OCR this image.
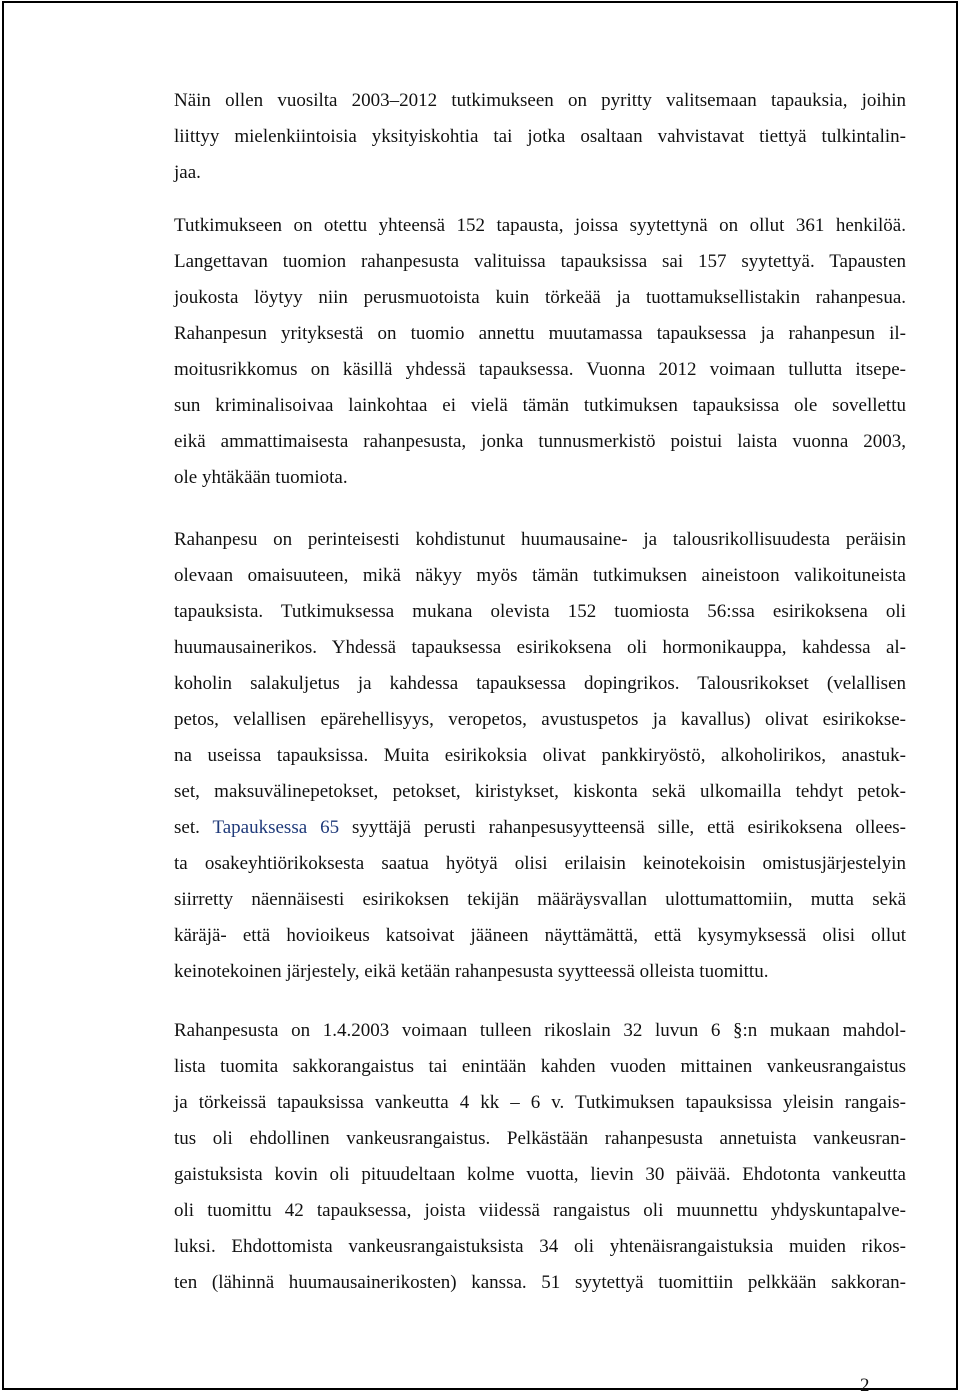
Näin ollen vuosilta 2003–2012 tutkimukseen on pyritty valitsemaan tapauksia, joihin
liittyy mielenkiintoisia yksityiskohtia tai jotka osaltaan vahvistavat tiettyä tulkintalin-
jaa.
Tutkimukseen on otettu yhteensä 152 tapausta, joissa syytettynä on ollut 361 henkilöä.
Langettavan tuomion rahanpesusta valituissa tapauksissa sai 157 syytettyä. Tapausten
joukosta löytyy niin perusmuotoista kuin törkeää ja tuottamuksellistakin rahanpesua.
Rahanpesun yrityksestä on tuomio annettu muutamassa tapauksessa ja rahanpesun il-
moitusrikkomus on käsillä yhdessä tapauksessa. Vuonna 2012 voimaan tullutta itsepe-
sun kriminalisoivaa lainkohtaa ei vielä tämän tutkimuksen tapauksissa ole sovellettu
eikä ammattimaisesta rahanpesusta, jonka tunnusmerkistö poistui laista vuonna 2003,
ole yhtäkään tuomiota.
Rahanpesu on perinteisesti kohdistunut huumausaine- ja talousrikollisuudesta peräisin
olevaan omaisuuteen, mikä näkyy myös tämän tutkimuksen aineistoon valikoituneista
tapauksista. Tutkimuksessa mukana olevista 152 tuomiosta 56:ssa esirikoksena oli
huumausainerikos. Yhdessä tapauksessa esirikoksena oli hormonikauppa, kahdessa al-
koholin salakuljetus ja kahdessa tapauksessa dopingrikos. Talousrikokset (velallisen
petos, velallisen epärehellisyys, veropetos, avustuspetos ja kavallus) olivat esirikokse-
na useissa tapauksissa. Muita esirikoksia olivat pankkiryöstö, alkoholirikos, anastuk-
set, maksuvälinepetokset, petokset, kiristykset, kiskonta sekä ulkomailla tehdyt petok-
set. Tapauksessa 65 syyttäjä perusti rahanpesusyytteensä sille, että esirikoksena ollees-
ta osakeyhtiörikoksesta saatua hyötyä olisi erilaisin keinotekoisin omistusjärjestelyin
siirretty näennäisesti esirikoksen tekijän määräysvallan ulottumattomiin, mutta sekä
käräjä- että hovioikeus katsoivat jääneen näyttämättä, että kysymyksessä olisi ollut
keinotekoinen järjestely, eikä ketään rahanpesusta syytteessä olleista tuomittu.
Rahanpesusta on 1.4.2003 voimaan tulleen rikoslain 32 luvun 6 §:n mukaan mahdol-
lista tuomita sakkorangaistus tai enintään kahden vuoden mittainen vankeusrangaistus
ja törkeissä tapauksissa vankeutta 4 kk – 6 v. Tutkimuksen tapauksissa yleisin rangais-
tus oli ehdollinen vankeusrangaistus. Pelkästään rahanpesusta annetuista vankeusran-
gaistuksista kovin oli pituudeltaan kolme vuotta, lievin 30 päivää. Ehdotonta vankeutta
oli tuomittu 42 tapauksessa, joista viidessä rangaistus oli muunnettu yhdyskuntapalve-
luksi. Ehdottomista vankeusrangaistuksista 34 oli yhtenäisrangaistuksia muiden rikos-
ten (lähinnä huumausainerikosten) kanssa. 51 syytettyä tuomittiin pelkkään sakkoran-
2
